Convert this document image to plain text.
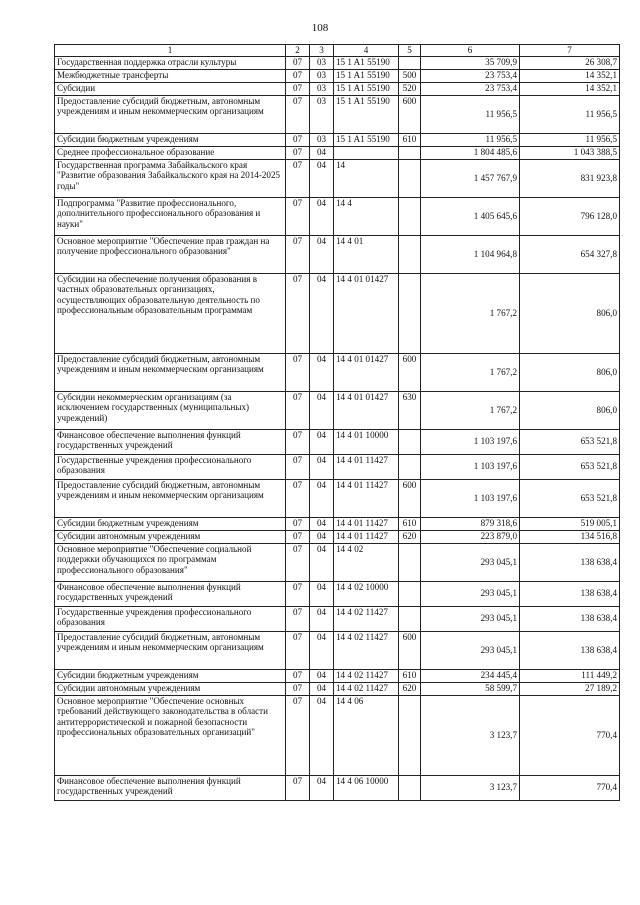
108
1	2	3	4	5	6	7
Государственная поддержка отрасли культуры	07	03	15 1 A1 55190		35 709,9	26 308,7
Межбюджетные трансферты	07	03	15 1 A1 55190	500	23 753,4	14 352,1
Субсидии	07	03	15 1 A1 55190	520	23 753,4	14 352,1
Предоставление субсидий бюджетным, автономным учреждениям и иным некоммерческим организациям	07	03	15 1 A1 55190	600	11 956,5	11 956,5
Субсидии бюджетным учреждениям	07	03	15 1 A1 55190	610	11 956,5	11 956,5
Среднее профессиональное образование	07	04			1 804 485,6	1 043 388,5
Государственная программа Забайкальского края "Развитие образования Забайкальского края на 2014-2025 годы"	07	04	14		1 457 767,9	831 923,8
Подпрограмма "Развитие профессионального, дополнительного профессионального образования и науки"	07	04	14 4		1 405 645,6	796 128,0
Основное мероприятие "Обеспечение прав граждан на получение профессионального образования"	07	04	14 4 01		1 104 964,8	654 327,8
Субсидии на обеспечение получения образования в частных образовательных организациях, осуществляющих образовательную деятельность по профессиональным образовательным программам	07	04	14 4 01 01427		1 767,2	806,0
Предоставление субсидий бюджетным, автономным учреждениям и иным некоммерческим организациям	07	04	14 4 01 01427	600	1 767,2	806,0
Субсидии некоммерческим организациям (за исключением государственных (муниципальных) учреждений)	07	04	14 4 01 01427	630	1 767,2	806,0
Финансовое обеспечение выполнения функций государственных учреждений	07	04	14 4 01 10000		1 103 197,6	653 521,8
Государственные учреждения профессионального образования	07	04	14 4 01 11427		1 103 197,6	653 521,8
Предоставление субсидий бюджетным, автономным учреждениям и иным некоммерческим организациям	07	04	14 4 01 11427	600	1 103 197,6	653 521,8
Субсидии бюджетным учреждениям	07	04	14 4 01 11427	610	879 318,6	519 005,1
Субсидии автономным учреждениям	07	04	14 4 01 11427	620	223 879,0	134 516,8
Основное мероприятие "Обеспечение социальной поддержки обучающихся по программам профессионального образования"	07	04	14 4 02		293 045,1	138 638,4
Финансовое обеспечение выполнения функций государственных учреждений	07	04	14 4 02 10000		293 045,1	138 638,4
Государственные учреждения профессионального образования	07	04	14 4 02 11427		293 045,1	138 638,4
Предоставление субсидий бюджетным, автономным учреждениям и иным некоммерческим организациям	07	04	14 4 02 11427	600	293 045,1	138 638,4
Субсидии бюджетным учреждениям	07	04	14 4 02 11427	610	234 445,4	111 449,2
Субсидии автономным учреждениям	07	04	14 4 02 11427	620	58 599,7	27 189,2
Основное мероприятие "Обеспечение основных требований действующего законодательства в области антитеррористической и пожарной безопасности профессиональных образовательных организаций"	07	04	14 4 06		3 123,7	770,4
Финансовое обеспечение выполнения функций государственных учреждений	07	04	14 4 06 10000		3 123,7	770,4
